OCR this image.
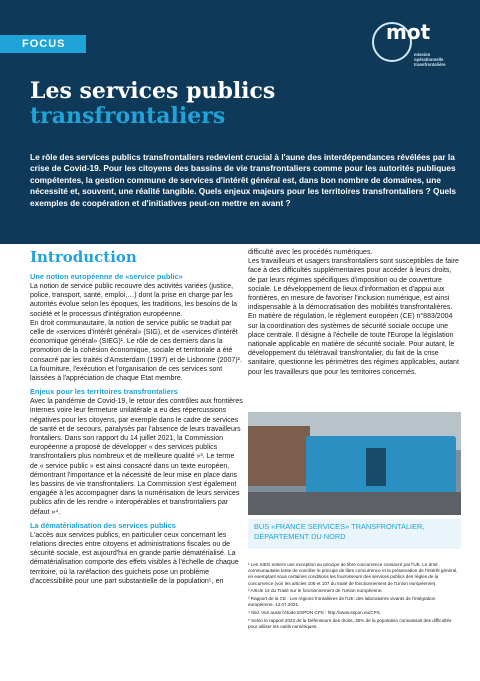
FOCUS	mot
mission
opérationnelle
transfrontalière
Les services publics
transfrontaliers

Le rôle des services publics transfrontaliers redevient crucial à l'aune des interdépendances révélées par la crise de Covid-19. Pour les citoyens des bassins de vie transfrontaliers comme pour les autorités publiques compétentes, la gestion commune de services d'intérêt général est, dans bon nombre de domaines, une nécessité et, souvent, une réalité tangible. Quels enjeux majeurs pour les territoires transfrontaliers ? Quels exemples de coopération et d'initiatives peut-on mettre en avant ?

Introduction
Une notion européenne de «service public»

La notion de service public recouvre des activités variées (justice, police, transport, santé, emploi,…) dont la prise en charge par les autorités évolue selon les époques, les traditions, les besoins de la société et le processus d'intégration européenne.

En droit communautaire, la notion de service public se traduit par celle de «services d'intérêt général» (SIG), et de «services d'intérêt économique général» (SIEG)¹. Le rôle de ces derniers dans la promotion de la cohésion économique, sociale et territoriale a été consacré par les traités d'Amsterdam (1997) et de Lisbonne (2007)². La fourniture, l'exécution et l'organisation de ces services sont laissées à l'appréciation de chaque Etat membre.

Enjeux pour les territoires transfrontaliers

Avec la pandémie de Covid-19, le retour des contrôles aux frontières internes voire leur fermeture unilatérale a eu des répercussions négatives pour les citoyens, par exemple dans le cadre de services de santé et de secours, paralysés par l'absence de leurs travailleurs frontaliers. Dans son rapport du 14 juillet 2021, la Commission européenne a proposé de développer « des services publics transfrontaliers plus nombreux et de meilleure qualité »³. Le terme de « service public » est ainsi consacré dans un texte européen, démontrant l'importance et la nécessité de leur mise en place dans les bassins de vie transfrontaliers. La Commission s'est également engagée à les accompagner dans la numérisation de leurs services publics afin de les rendre « interopérables et transfrontaliers par défaut »⁴.

La dématérialisation des services publics

L'accès aux services publics, en particulier ceux concernant les relations directes entre citoyens et administrations fiscales ou de sécurité sociale, est aujourd'hui en grande partie dématérialisé. La dématérialisation comporte des effets visibles à l'échelle de chaque territoire, où la raréfaction des guichets pose un problème d'accessibilité pour une part substantielle de la population⁵, en

difficulté avec les procédés numériques.

Les travailleurs et usagers transfrontaliers sont susceptibles de faire face à des difficultés supplémentaires pour accéder à leurs droits, de par leurs régimes spécifiques d'imposition ou de couverture sociale. Le développement de lieux d'information et d'appui aux frontières, en mesure de favoriser l'inclusion numérique, est ainsi indispensable à la démocratisation des mobilités transfrontalières.

En matière de régulation, le règlement européen (CE) n°883/2004 sur la coordination des systèmes de sécurité sociale occupe une place centrale. Il désigne à l'échelle de toute l'Europe la législation nationale applicable en matière de sécurité sociale. Pour autant, le développement du télétravail transfrontalier, du fait de la crise sanitaire, questionne les périmètres des régimes applicables, autant pour les travailleurs que pour les territoires concernés.

BUS «FRANCE SERVICES» TRANSFRONTALIER, DÉPARTEMENT DU NORD

¹ Les SIEG restent une exception au principe de libre concurrence consacré par l'UE. Le droit communautaire tente de concilier le principe de libre concurrence et la préservation de l'intérêt général, en exemptant sous certaines conditions les fournisseurs des services publics des règles de la concurrence (voir les articles 106 et 107 du traité de fonctionnement de l'Union européenne).

² Article 14 du Traité sur le fonctionnement de l'Union européenne.

³ Rapport de la CE : Les régions frontalières de l'UE: des laboratoires vivants de l'intégration européenne, 14.07.2021.

⁴ Ibid. Voir aussi l'étude ESPON CPS : http://www.espon.eu/CPS.

⁵ Selon le rapport 2022 de la Défenseure des droits, 35% de la population connaissait des difficultés pour utiliser les outils numériques.
